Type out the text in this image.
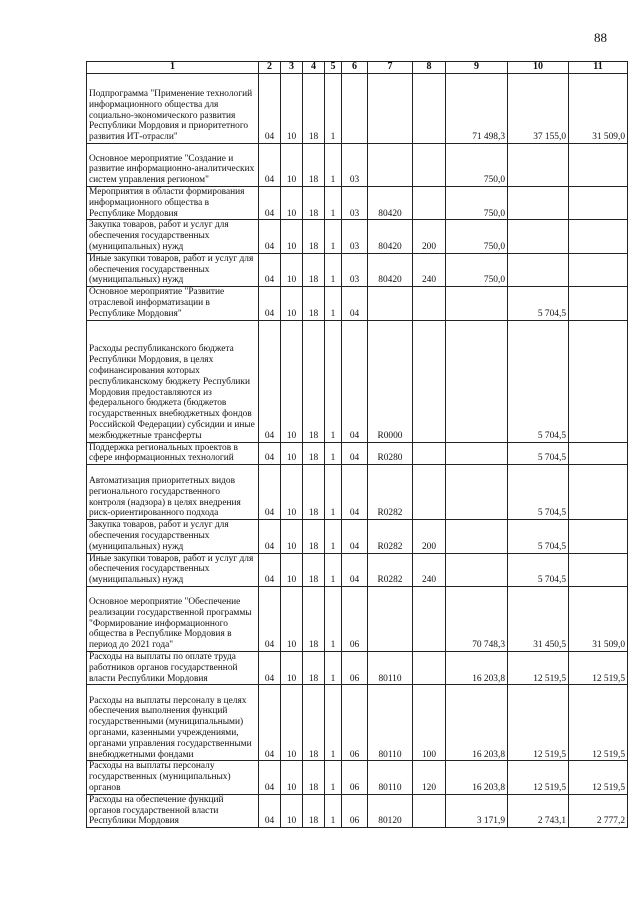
88
1	2	3	4	5	6	7	8	9	10	11

Подпрограмма "Применение технологий информационного общества для социально-экономического развития Республики Мордовия и приоритетного развития ИТ-отрасли"	04	10	18	1				71 498,3	37 155,0	31 509,0

Основное мероприятие "Создание и развитие информационно-аналитических систем управления регионом"	04	10	18	1	03			750,0		

Мероприятия в области формирования информационного общества в Республике Мордовия	04	10	18	1	03	80420		750,0		

Закупка товаров, работ и услуг для обеспечения государственных (муниципальных) нужд	04	10	18	1	03	80420	200	750,0		

Иные закупки товаров, работ и услуг для обеспечения государственных (муниципальных) нужд	04	10	18	1	03	80420	240	750,0		

Основное мероприятие "Развитие отраслевой информатизации в Республике Мордовия"	04	10	18	1	04				5 704,5	

Расходы республиканского бюджета Республики Мордовия, в целях софинансирования которых республиканскому бюджету Республики Мордовия предоставляются из федерального бюджета (бюджетов государственных внебюджетных фондов Российской Федерации) субсидии и иные межбюджетные трансферты	04	10	18	1	04	R0000			5 704,5	

Поддержка региональных проектов в сфере информационных технологий	04	10	18	1	04	R0280			5 704,5	

Автоматизация приоритетных видов регионального государственного контроля (надзора) в целях внедрения риск-ориентированного подхода	04	10	18	1	04	R0282			5 704,5	

Закупка товаров, работ и услуг для обеспечения государственных (муниципальных) нужд	04	10	18	1	04	R0282	200		5 704,5	

Иные закупки товаров, работ и услуг для обеспечения государственных (муниципальных) нужд	04	10	18	1	04	R0282	240		5 704,5	

Основное мероприятие "Обеспечение реализации государственной программы "Формирование информационного общества в Республике Мордовия в период до 2021 года"	04	10	18	1	06			70 748,3	31 450,5	31 509,0

Расходы на выплаты по оплате труда работников органов государственной власти Республики Мордовия	04	10	18	1	06	80110		16 203,8	12 519,5	12 519,5

Расходы на выплаты персоналу в целях обеспечения выполнения функций государственными (муниципальными) органами, казенными учреждениями, органами управления государственными внебюджетными фондами	04	10	18	1	06	80110	100	16 203,8	12 519,5	12 519,5

Расходы на выплаты персоналу государственных (муниципальных) органов	04	10	18	1	06	80110	120	16 203,8	12 519,5	12 519,5

Расходы на обеспечение функций органов государственной власти Республики Мордовия	04	10	18	1	06	80120		3 171,9	2 743,1	2 777,2
